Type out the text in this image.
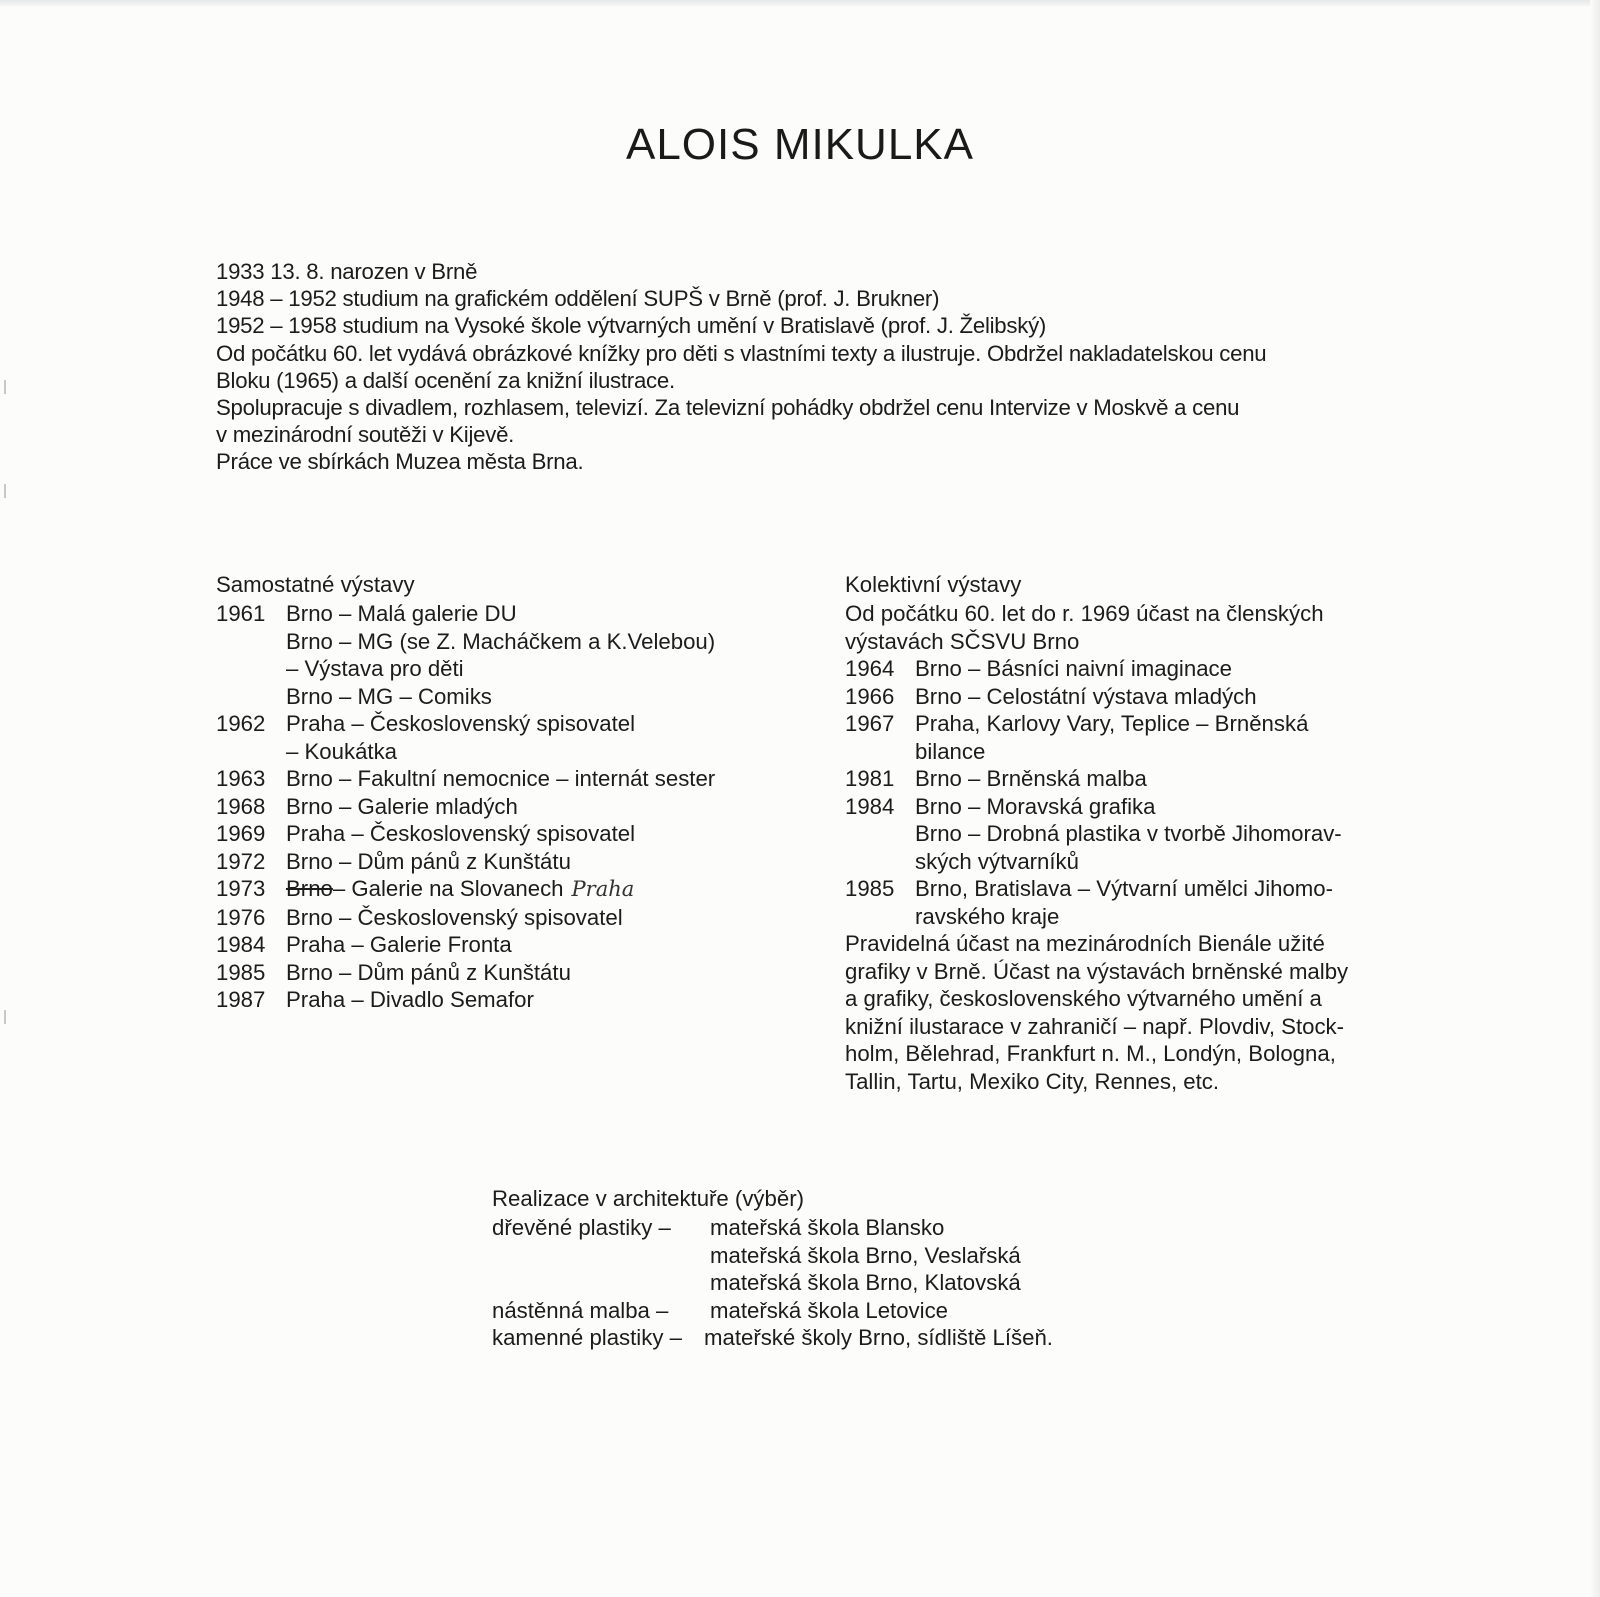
ALOIS MIKULKA
1933 13. 8. narozen v Brně
1948 – 1952 studium na grafickém oddělení SUPŠ v Brně (prof. J. Brukner)
1952 – 1958 studium na Vysoké škole výtvarných umění v Bratislavě (prof. J. Želibský)
Od počátku 60. let vydává obrázkové knížky pro děti s vlastními texty a ilustruje. Obdržel nakladatelskou cenu
Bloku (1965) a další ocenění za knižní ilustrace.
Spolupracuje s divadlem, rozhlasem, televizí. Za televizní pohádky obdržel cenu Intervize v Moskvě a cenu
v mezinárodní soutěži v Kijevě.
Práce ve sbírkách Muzea města Brna.
Samostatné výstavy
1961 Brno – Malá galerie DU
Brno – MG (se Z. Macháčkem a K.Velebou)
– Výstava pro děti
Brno – MG – Comiks
1962 Praha – Československý spisovatel
– Koukátka
1963 Brno – Fakultní nemocnice – internát sester
1968 Brno – Galerie mladých
1969 Praha – Československý spisovatel
1972 Brno – Dům pánů z Kunštátu
1973 Brno– Galerie na Slovanech Praha
1976 Brno – Československý spisovatel
1984 Praha – Galerie Fronta
1985 Brno – Dům pánů z Kunštátu
1987 Praha – Divadlo Semafor
Kolektivní výstavy
Od počátku 60. let do r. 1969 účast na členských
výstavách SČSVU Brno
1964 Brno – Básníci naivní imaginace
1966 Brno – Celostátní výstava mladých
1967 Praha, Karlovy Vary, Teplice – Brněnská
bilance
1981 Brno – Brněnská malba
1984 Brno – Moravská grafika
Brno – Drobná plastika v tvorbě Jihomorav-
ských výtvarníků
1985 Brno, Bratislava – Výtvarní umělci Jihomo-
ravského kraje
Pravidelná účast na mezinárodních Bienále užité
grafiky v Brně. Účast na výstavách brněnské malby
a grafiky, československého výtvarného umění a
knižní ilustarace v zahraničí – např. Plovdiv, Stock-
holm, Bělehrad, Frankfurt n. M., Londýn, Bologna,
Tallin, Tartu, Mexiko City, Rennes, etc.
Realizace v architektuře (výběr)
dřevěné plastiky –	mateřská škola Blansko
mateřská škola Brno, Veslařská
mateřská škola Brno, Klatovská
nástěnná malba –	mateřská škola Letovice
kamenné plastiky – mateřské školy Brno, sídliště Líšeň.
